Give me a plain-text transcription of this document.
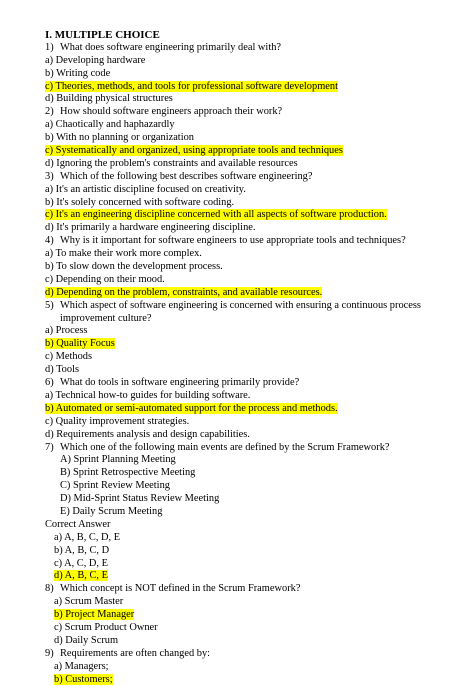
I. MULTIPLE CHOICE
1) What does software engineering primarily deal with?
a) Developing hardware
b) Writing code
c) Theories, methods, and tools for professional software development
d) Building physical structures
2) How should software engineers approach their work?
a) Chaotically and haphazardly
b) With no planning or organization
c) Systematically and organized, using appropriate tools and techniques
d) Ignoring the problem's constraints and available resources
3) Which of the following best describes software engineering?
a) It's an artistic discipline focused on creativity.
b) It's solely concerned with software coding.
c) It's an engineering discipline concerned with all aspects of software production.
d) It's primarily a hardware engineering discipline.
4) Why is it important for software engineers to use appropriate tools and techniques?
a) To make their work more complex.
b) To slow down the development process.
c) Depending on their mood.
d) Depending on the problem, constraints, and available resources.
5) Which aspect of software engineering is concerned with ensuring a continuous process
improvement culture?
a) Process
b) Quality Focus
c) Methods
d) Tools
6) What do tools in software engineering primarily provide?
a) Technical how-to guides for building software.
b) Automated or semi-automated support for the process and methods.
c) Quality improvement strategies.
d) Requirements analysis and design capabilities.
7) Which one of the following main events are defined by the Scrum Framework?
A) Sprint Planning Meeting
B) Sprint Retrospective Meeting
C) Sprint Review Meeting
D) Mid-Sprint Status Review Meeting
E) Daily Scrum Meeting
Correct Answer
a) A, B, C, D, E
b) A, B, C, D
c) A, C, D, E
d) A, B, C, E
8) Which concept is NOT defined in the Scrum Framework?
a) Scrum Master
b) Project Manager
c) Scrum Product Owner
d) Daily Scrum
9) Requirements are often changed by:
a) Managers;
b) Customers;
